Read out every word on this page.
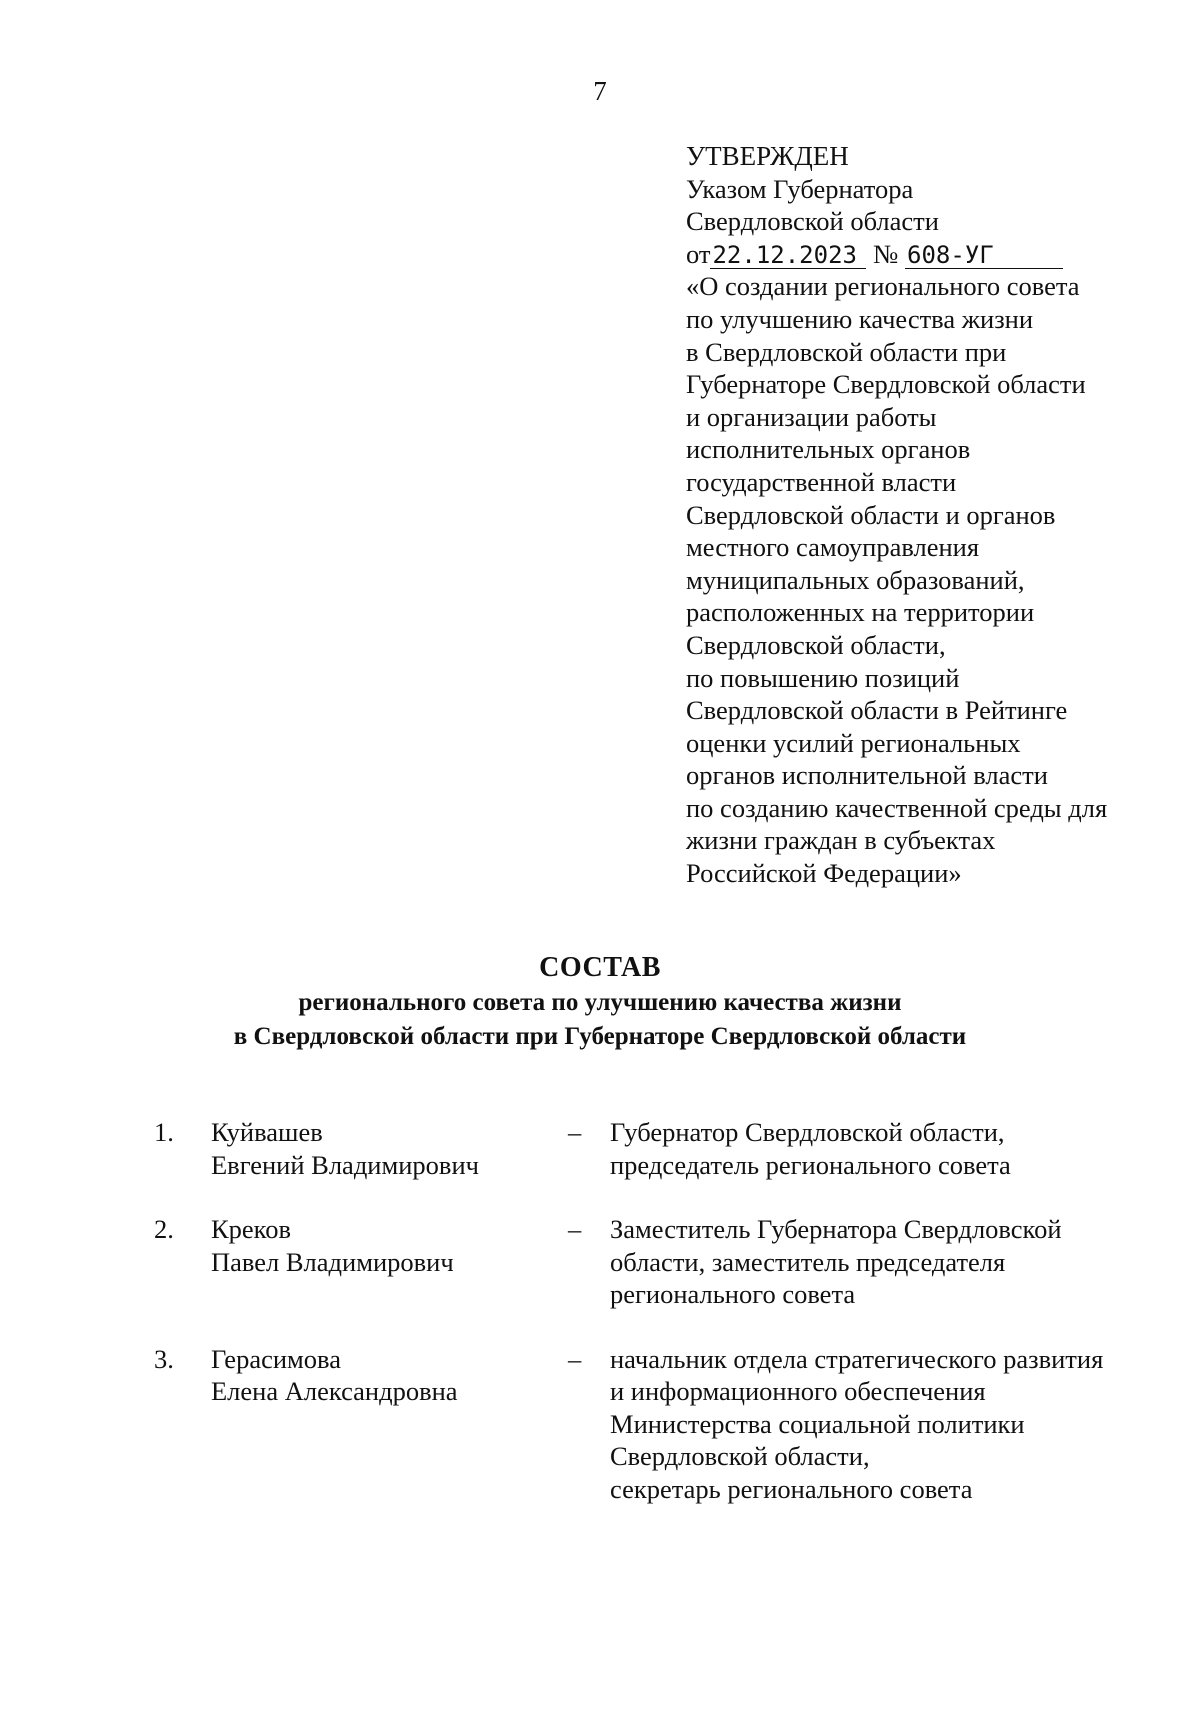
7
УТВЕРЖДЕН
Указом Губернатора
Свердловской области
от22.12.2023 № 608-УГ
«О создании регионального совета
по улучшению качества жизни
в Свердловской области при
Губернаторе Свердловской области
и организации работы
исполнительных органов
государственной власти
Свердловской области и органов
местного самоуправления
муниципальных образований,
расположенных на территории
Свердловской области,
по повышению позиций
Свердловской области в Рейтинге
оценки усилий региональных
органов исполнительной власти
по созданию качественной среды для
жизни граждан в субъектах
Российской Федерации»
СОСТАВ
регионального совета по улучшению качества жизни
в Свердловской области при Губернаторе Свердловской области
1. Куйвашев
Евгений Владимирович
– Губернатор Свердловской области,
председатель регионального совета
2. Креков
Павел Владимирович
– Заместитель Губернатора Свердловской
области, заместитель председателя
регионального совета
3. Герасимова
Елена Александровна
– начальник отдела стратегического развития
и информационного обеспечения
Министерства социальной политики
Свердловской области,
секретарь регионального совета
